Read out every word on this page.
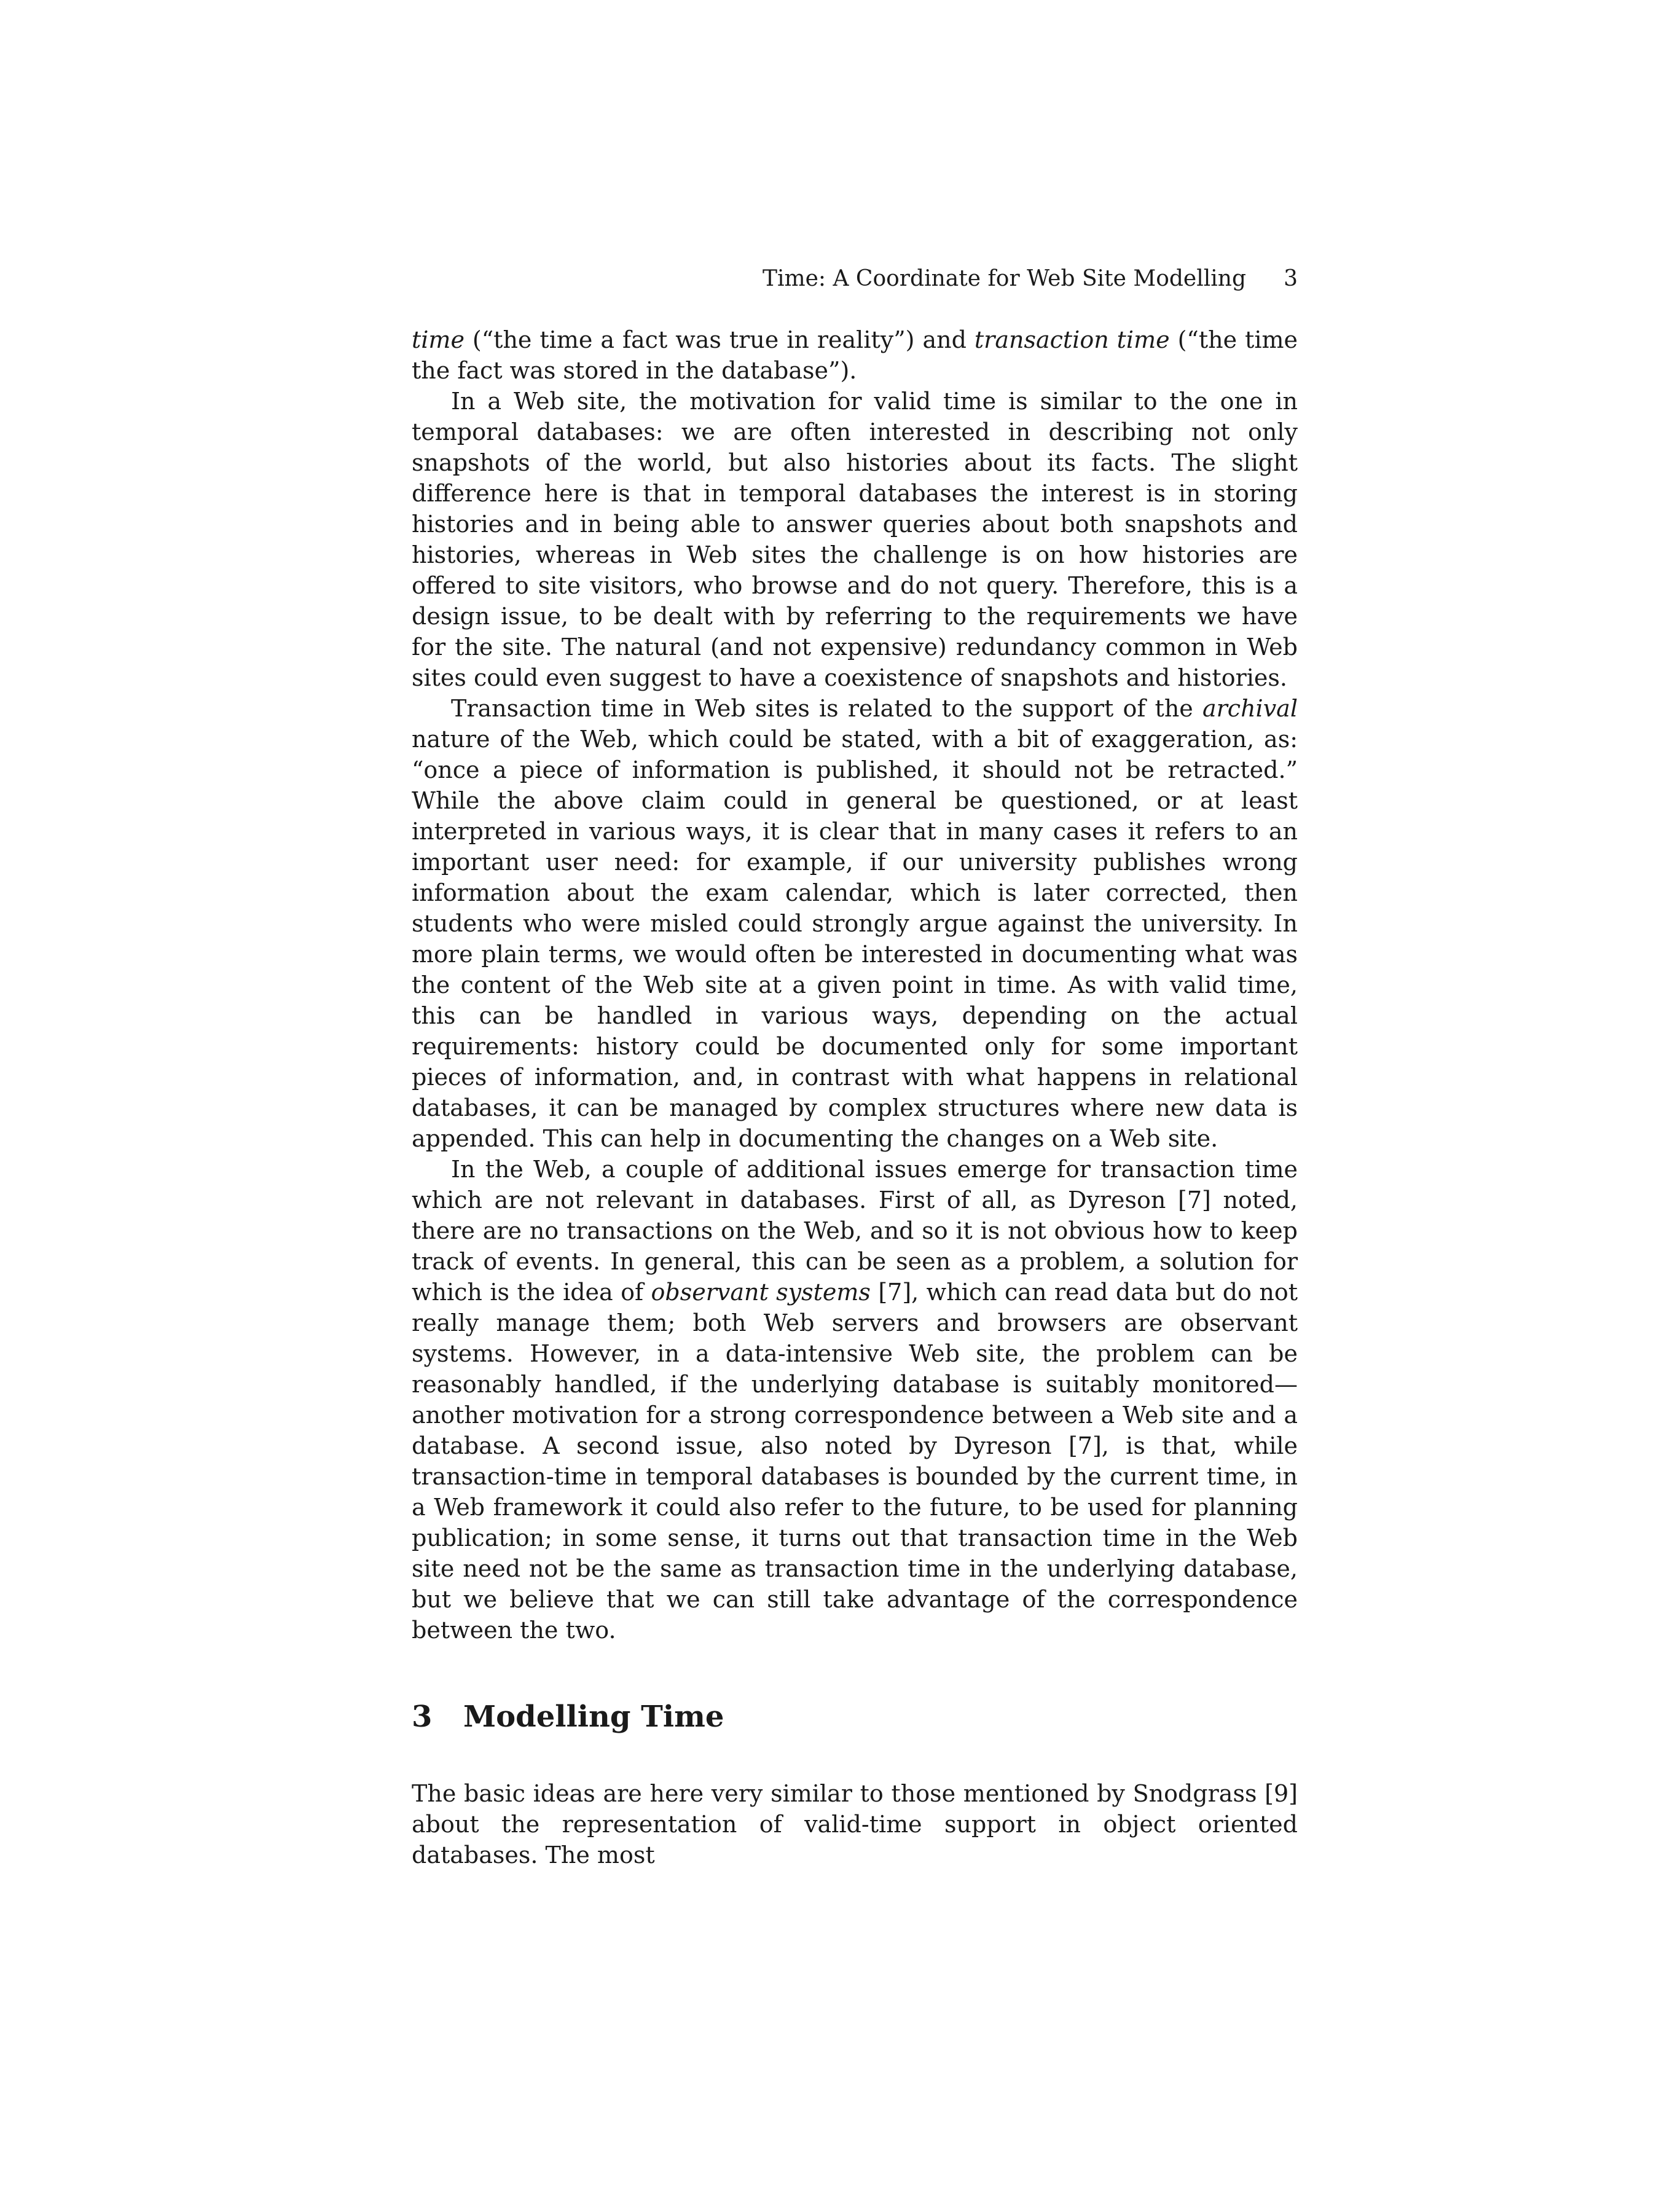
Time: A Coordinate for Web Site Modelling 3

time (“the time a fact was true in reality”) and transaction time (“the time the fact was stored in the database”).

In a Web site, the motivation for valid time is similar to the one in temporal databases: we are often interested in describing not only snapshots of the world, but also histories about its facts. The slight difference here is that in temporal databases the interest is in storing histories and in being able to answer queries about both snapshots and histories, whereas in Web sites the challenge is on how histories are offered to site visitors, who browse and do not query. Therefore, this is a design issue, to be dealt with by referring to the requirements we have for the site. The natural (and not expensive) redundancy common in Web sites could even suggest to have a coexistence of snapshots and histories.

Transaction time in Web sites is related to the support of the archival nature of the Web, which could be stated, with a bit of exaggeration, as: “once a piece of information is published, it should not be retracted.” While the above claim could in general be questioned, or at least interpreted in various ways, it is clear that in many cases it refers to an important user need: for example, if our university publishes wrong information about the exam calendar, which is later corrected, then students who were misled could strongly argue against the university. In more plain terms, we would often be interested in documenting what was the content of the Web site at a given point in time. As with valid time, this can be handled in various ways, depending on the actual requirements: history could be documented only for some important pieces of information, and, in contrast with what happens in relational databases, it can be managed by complex structures where new data is appended. This can help in documenting the changes on a Web site.

In the Web, a couple of additional issues emerge for transaction time which are not relevant in databases. First of all, as Dyreson [7] noted, there are no transactions on the Web, and so it is not obvious how to keep track of events. In general, this can be seen as a problem, a solution for which is the idea of observant systems [7], which can read data but do not really manage them; both Web servers and browsers are observant systems. However, in a data-intensive Web site, the problem can be reasonably handled, if the underlying database is suitably monitored—another motivation for a strong correspondence between a Web site and a database. A second issue, also noted by Dyreson [7], is that, while transaction-time in temporal databases is bounded by the current time, in a Web framework it could also refer to the future, to be used for planning publication; in some sense, it turns out that transaction time in the Web site need not be the same as transaction time in the underlying database, but we believe that we can still take advantage of the correspondence between the two.

3	Modelling Time

The basic ideas are here very similar to those mentioned by Snodgrass [9] about the representation of valid-time support in object oriented databases. The most
